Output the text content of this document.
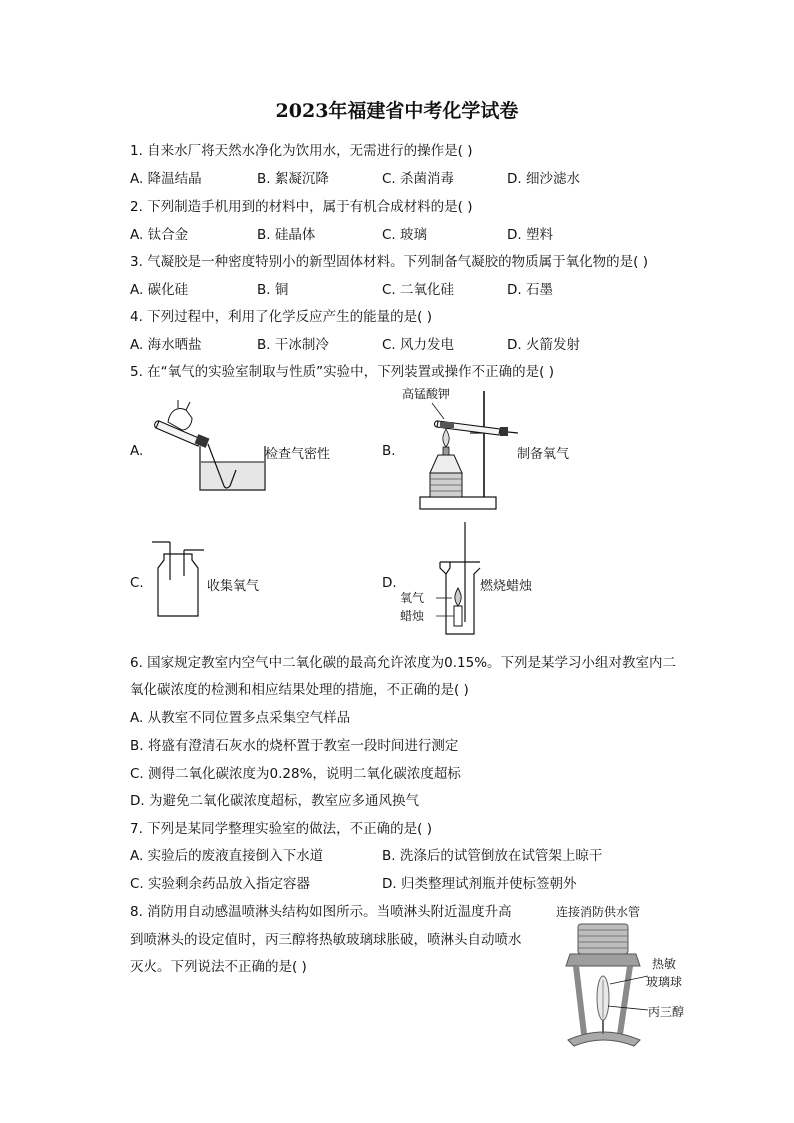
2023年福建省中考化学试卷
1. 自来水厂将天然水净化为饮用水，无需进行的操作是( )
A. 降温结晶	B. 絮凝沉降	C. 杀菌消毒	D. 细沙滤水
2. 下列制造手机用到的材料中，属于有机合成材料的是( )
A. 钛合金	B. 硅晶体	C. 玻璃	D. 塑料
3. 气凝胶是一种密度特别小的新型固体材料。下列制备气凝胶的物质属于氧化物的是( )
A. 碳化硅	B. 铜	C. 二氧化硅	D. 石墨
4. 下列过程中，利用了化学反应产生的能量的是( )
A. 海水晒盐	B. 干冰制冷	C. 风力发电	D. 火箭发射
5. 在“氧气的实验室制取与性质”实验中，下列装置或操作不正确的是( )
A.	检查气密性	B.
高锰酸钾
制备氧气
C.	收集氧气	D.
氧气
蜡烛
燃烧蜡烛
6. 国家规定教室内空气中二氧化碳的最高允许浓度为0.15%。下列是某学习小组对教室内二
氧化碳浓度的检测和相应结果处理的措施，不正确的是( )
A. 从教室不同位置多点采集空气样品
B. 将盛有澄清石灰水的烧杯置于教室一段时间进行测定
C. 测得二氧化碳浓度为0.28%，说明二氧化碳浓度超标
D. 为避免二氧化碳浓度超标，教室应多通风换气
7. 下列是某同学整理实验室的做法，不正确的是( )
A. 实验后的废液直接倒入下水道	B. 洗涤后的试管倒放在试管架上晾干
C. 实验剩余药品放入指定容器	D. 归类整理试剂瓶并使标签朝外
8. 消防用自动感温喷淋头结构如图所示。当喷淋头附近温度升高
到喷淋头的设定值时，丙三醇将热敏玻璃球胀破，喷淋头自动喷水
灭火。下列说法不正确的是( )
连接消防供水管
热敏
玻璃球
丙三醇
